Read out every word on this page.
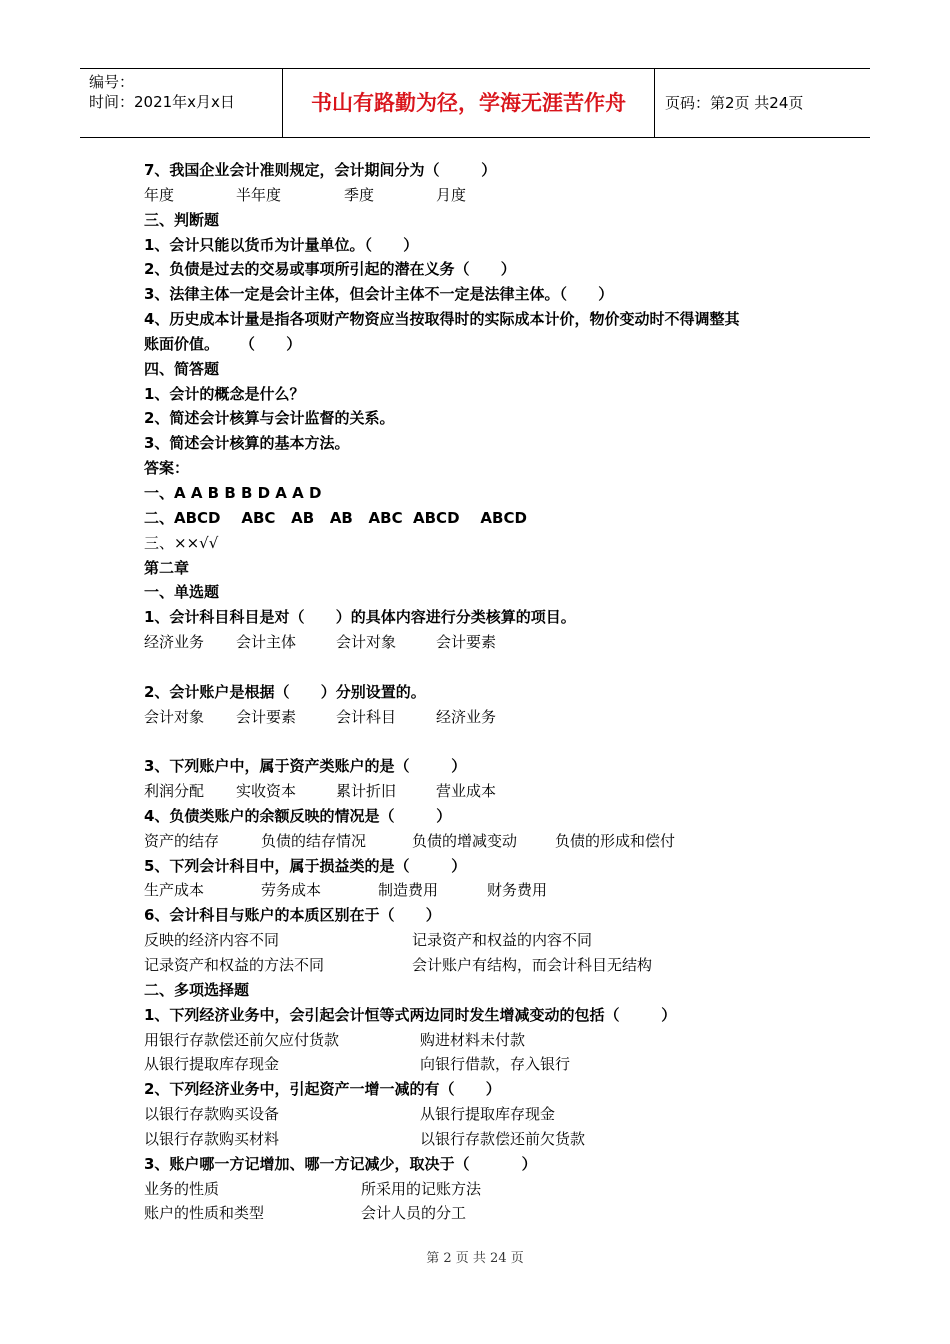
编号：
时间：2021年x月x日	书山有路勤为径，学海无涯苦作舟	页码：第2页 共24页
7、我国企业会计准则规定，会计期间分为（        ）
年度	半年度	季度	月度
三、判断题
1、会计只能以货币为计量单位。（      ）
2、负债是过去的交易或事项所引起的潜在义务（      ）
3、法律主体一定是会计主体，但会计主体不一定是法律主体。（      ）
4、历史成本计量是指各项财产物资应当按取得时的实际成本计价，物价变动时不得调整其
账面价值。    （      ）
四、简答题
1、会计的概念是什么？
2、简述会计核算与会计监督的关系。
3、简述会计核算的基本方法。
答案：
一、A A B B B D A A D
二、ABCD    ABC   AB   AB   ABC  ABCD    ABCD
三、××√√
第二章
一、单选题
1、会计科目科目是对（      ）的具体内容进行分类核算的项目。
经济业务	会计主体	会计对象	会计要素
2、会计账户是根据（      ）分别设置的。
会计对象	会计要素	会计科目	经济业务
3、下列账户中，属于资产类账户的是（        ）
利润分配	实收资本	累计折旧	营业成本
4、负债类账户的余额反映的情况是（        ）
资产的结存	负债的结存情况	负债的增减变动	负债的形成和偿付
5、下列会计科目中，属于损益类的是（        ）
生产成本	劳务成本	制造费用	财务费用
6、会计科目与账户的本质区别在于（      ）
反映的经济内容不同	记录资产和权益的内容不同
记录资产和权益的方法不同	会计账户有结构，而会计科目无结构
二、多项选择题
1、下列经济业务中，会引起会计恒等式两边同时发生增减变动的包括（        ）
用银行存款偿还前欠应付货款	购进材料未付款
从银行提取库存现金	向银行借款，存入银行
2、下列经济业务中，引起资产一增一减的有（      ）
以银行存款购买设备	从银行提取库存现金
以银行存款购买材料	以银行存款偿还前欠货款
3、账户哪一方记增加、哪一方记减少，取决于（          ）
业务的性质	所采用的记账方法
账户的性质和类型	会计人员的分工
第 2 页 共 24 页
